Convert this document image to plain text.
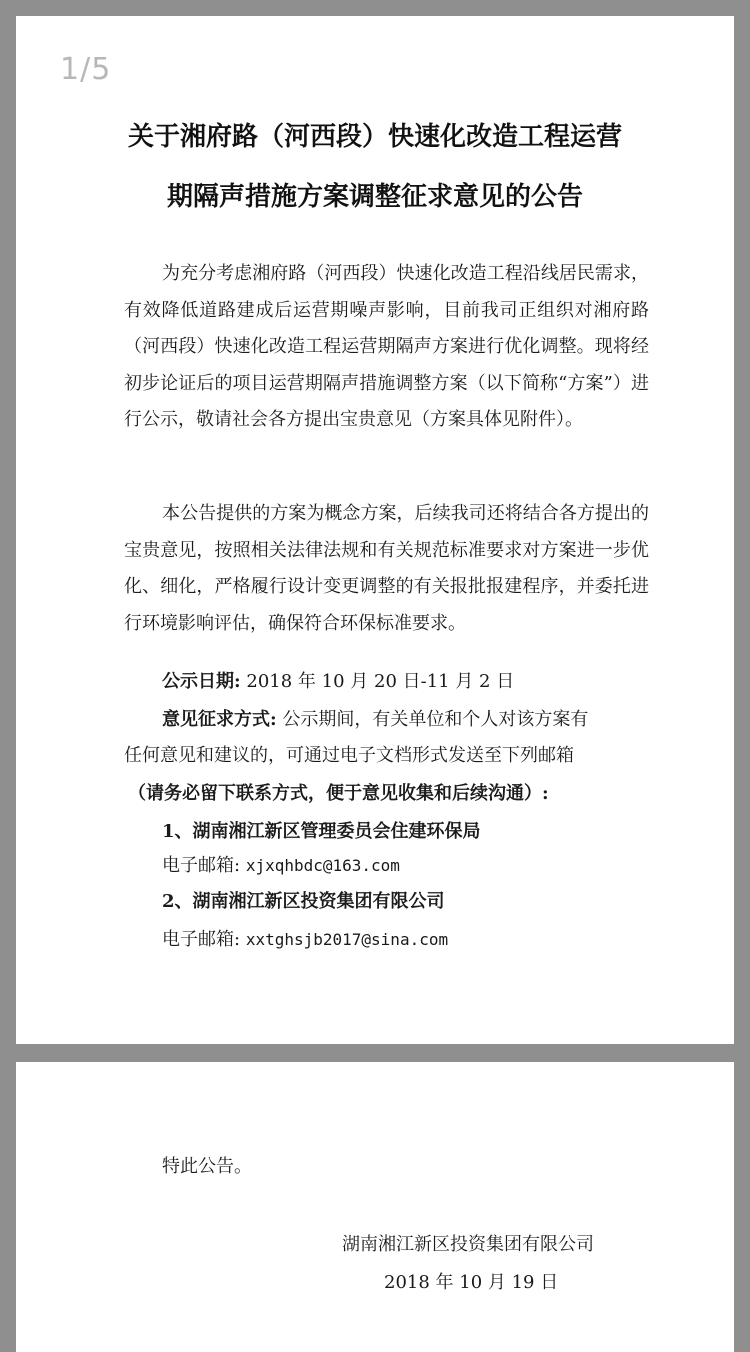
1/5
关于湘府路（河西段）快速化改造工程运营
期隔声措施方案调整征求意见的公告

为充分考虑湘府路（河西段）快速化改造工程沿线居民需求，有效降低道路建成后运营期噪声影响，目前我司正组织对湘府路（河西段）快速化改造工程运营期隔声方案进行优化调整。现将经初步论证后的项目运营期隔声措施调整方案（以下简称“方案”）进行公示，敬请社会各方提出宝贵意见（方案具体见附件）。

本公告提供的方案为概念方案，后续我司还将结合各方提出的宝贵意见，按照相关法律法规和有关规范标准要求对方案进一步优化、细化，严格履行设计变更调整的有关报批报建程序，并委托进行环境影响评估，确保符合环保标准要求。

公示日期: 2018 年 10 月 20 日-11 月 2 日

意见征求方式: 公示期间，有关单位和个人对该方案有

任何意见和建议的，可通过电子文档形式发送至下列邮箱

（请务必留下联系方式，便于意见收集和后续沟通）:

1、湖南湘江新区管理委员会住建环保局

电子邮箱: xjxqhbdc@163.com

2、湖南湘江新区投资集团有限公司

电子邮箱: xxtghsjb2017@sina.com

特此公告。
湖南湘江新区投资集团有限公司
2018 年 10 月 19 日
